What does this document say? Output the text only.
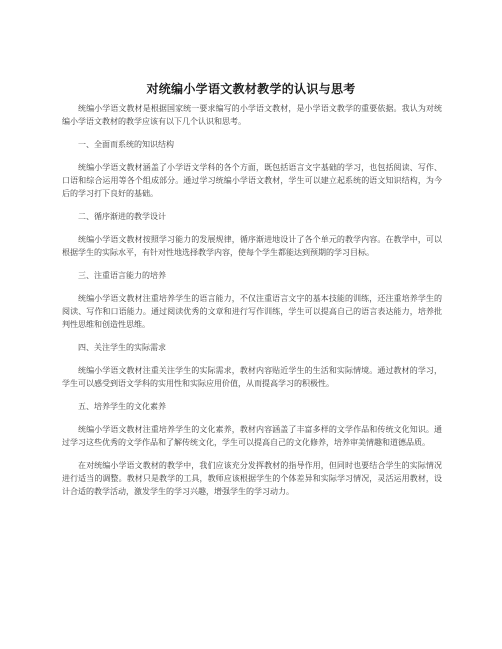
对统编小学语文教材教学的认识与思考

统编小学语文教材是根据国家统一要求编写的小学语文教材，是小学语文教学的重要依据。我认为对统编小学语文教材的教学应该有以下几个认识和思考。

一、全面而系统的知识结构

统编小学语文教材涵盖了小学语文学科的各个方面，既包括语言文字基础的学习，也包括阅读、写作、口语和综合运用等各个组成部分。通过学习统编小学语文教材，学生可以建立起系统的语文知识结构，为今后的学习打下良好的基础。

二、循序渐进的教学设计

统编小学语文教材按照学习能力的发展规律，循序渐进地设计了各个单元的教学内容。在教学中，可以根据学生的实际水平，有针对性地选择教学内容，使每个学生都能达到预期的学习目标。

三、注重语言能力的培养

统编小学语文教材注重培养学生的语言能力，不仅注重语言文字的基本技能的训练，还注重培养学生的阅读、写作和口语能力。通过阅读优秀的文章和进行写作训练，学生可以提高自己的语言表达能力，培养批判性思维和创造性思维。

四、关注学生的实际需求

统编小学语文教材注重关注学生的实际需求，教材内容贴近学生的生活和实际情境。通过教材的学习，学生可以感受到语文学科的实用性和实际应用价值，从而提高学习的积极性。

五、培养学生的文化素养

统编小学语文教材注重培养学生的文化素养，教材内容涵盖了丰富多样的文学作品和传统文化知识。通过学习这些优秀的文学作品和了解传统文化，学生可以提高自己的文化修养，培养审美情趣和道德品质。

在对统编小学语文教材的教学中，我们应该充分发挥教材的指导作用，但同时也要结合学生的实际情况进行适当的调整。教材只是教学的工具，教师应该根据学生的个体差异和实际学习情况，灵活运用教材，设计合适的教学活动，激发学生的学习兴趣，增强学生的学习动力。
